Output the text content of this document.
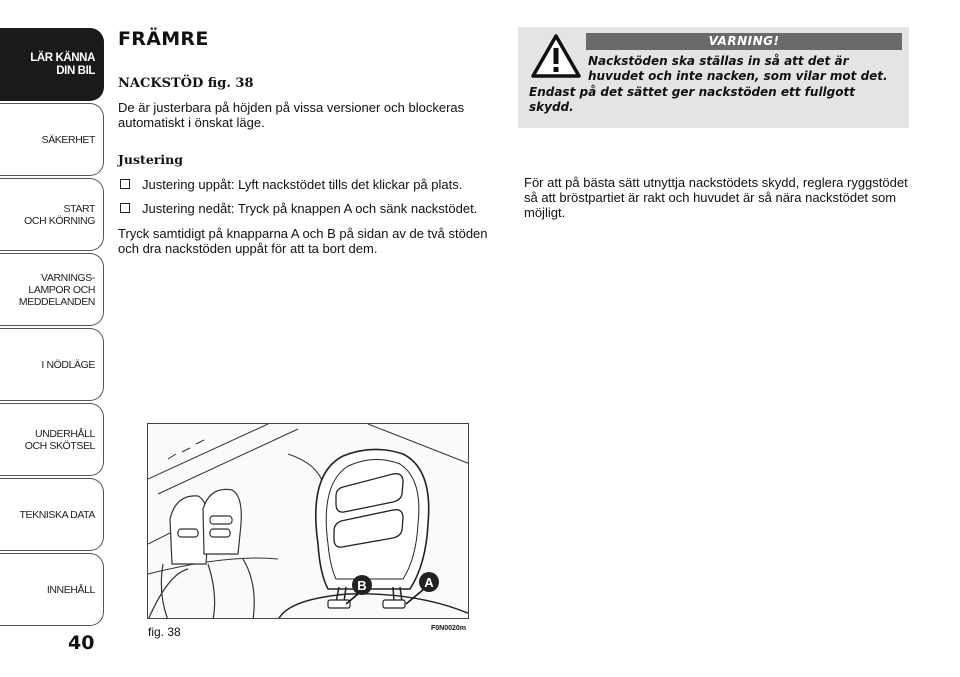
LÄR KÄNNA
DIN BIL
SÄKERHET
START
OCH KÖRNING
VARNINGS-
LAMPOR OCH
MEDDELANDEN
I NÖDLÄGE
UNDERHÅLL
OCH SKÖTSEL
TEKNISKA DATA
INNEHÅLL
40
FRÄMRE
NACKSTÖD fig. 38
De är justerbara på höjden på vissa versioner och blockeras automatiskt i önskat läge.
Justering
Justering uppåt: Lyft nackstödet tills det klickar på plats.
Justering nedåt: Tryck på knappen A och sänk nackstödet.
Tryck samtidigt på knapparna A och B på sidan av de två stöden och dra nackstöden uppåt för att ta bort dem.
VARNING!
Nackstöden ska ställas in så att det är
huvudet och inte nacken, som vilar mot det.
Endast på det sättet ger nackstöden ett fullgott
skydd.
För att på bästa sätt utnyttja nackstödets skydd, reglera ryggstödet så att bröstpartiet är rakt och huvudet är så nära nackstödet som möjligt.
B	A
fig. 38	F0N0020m
